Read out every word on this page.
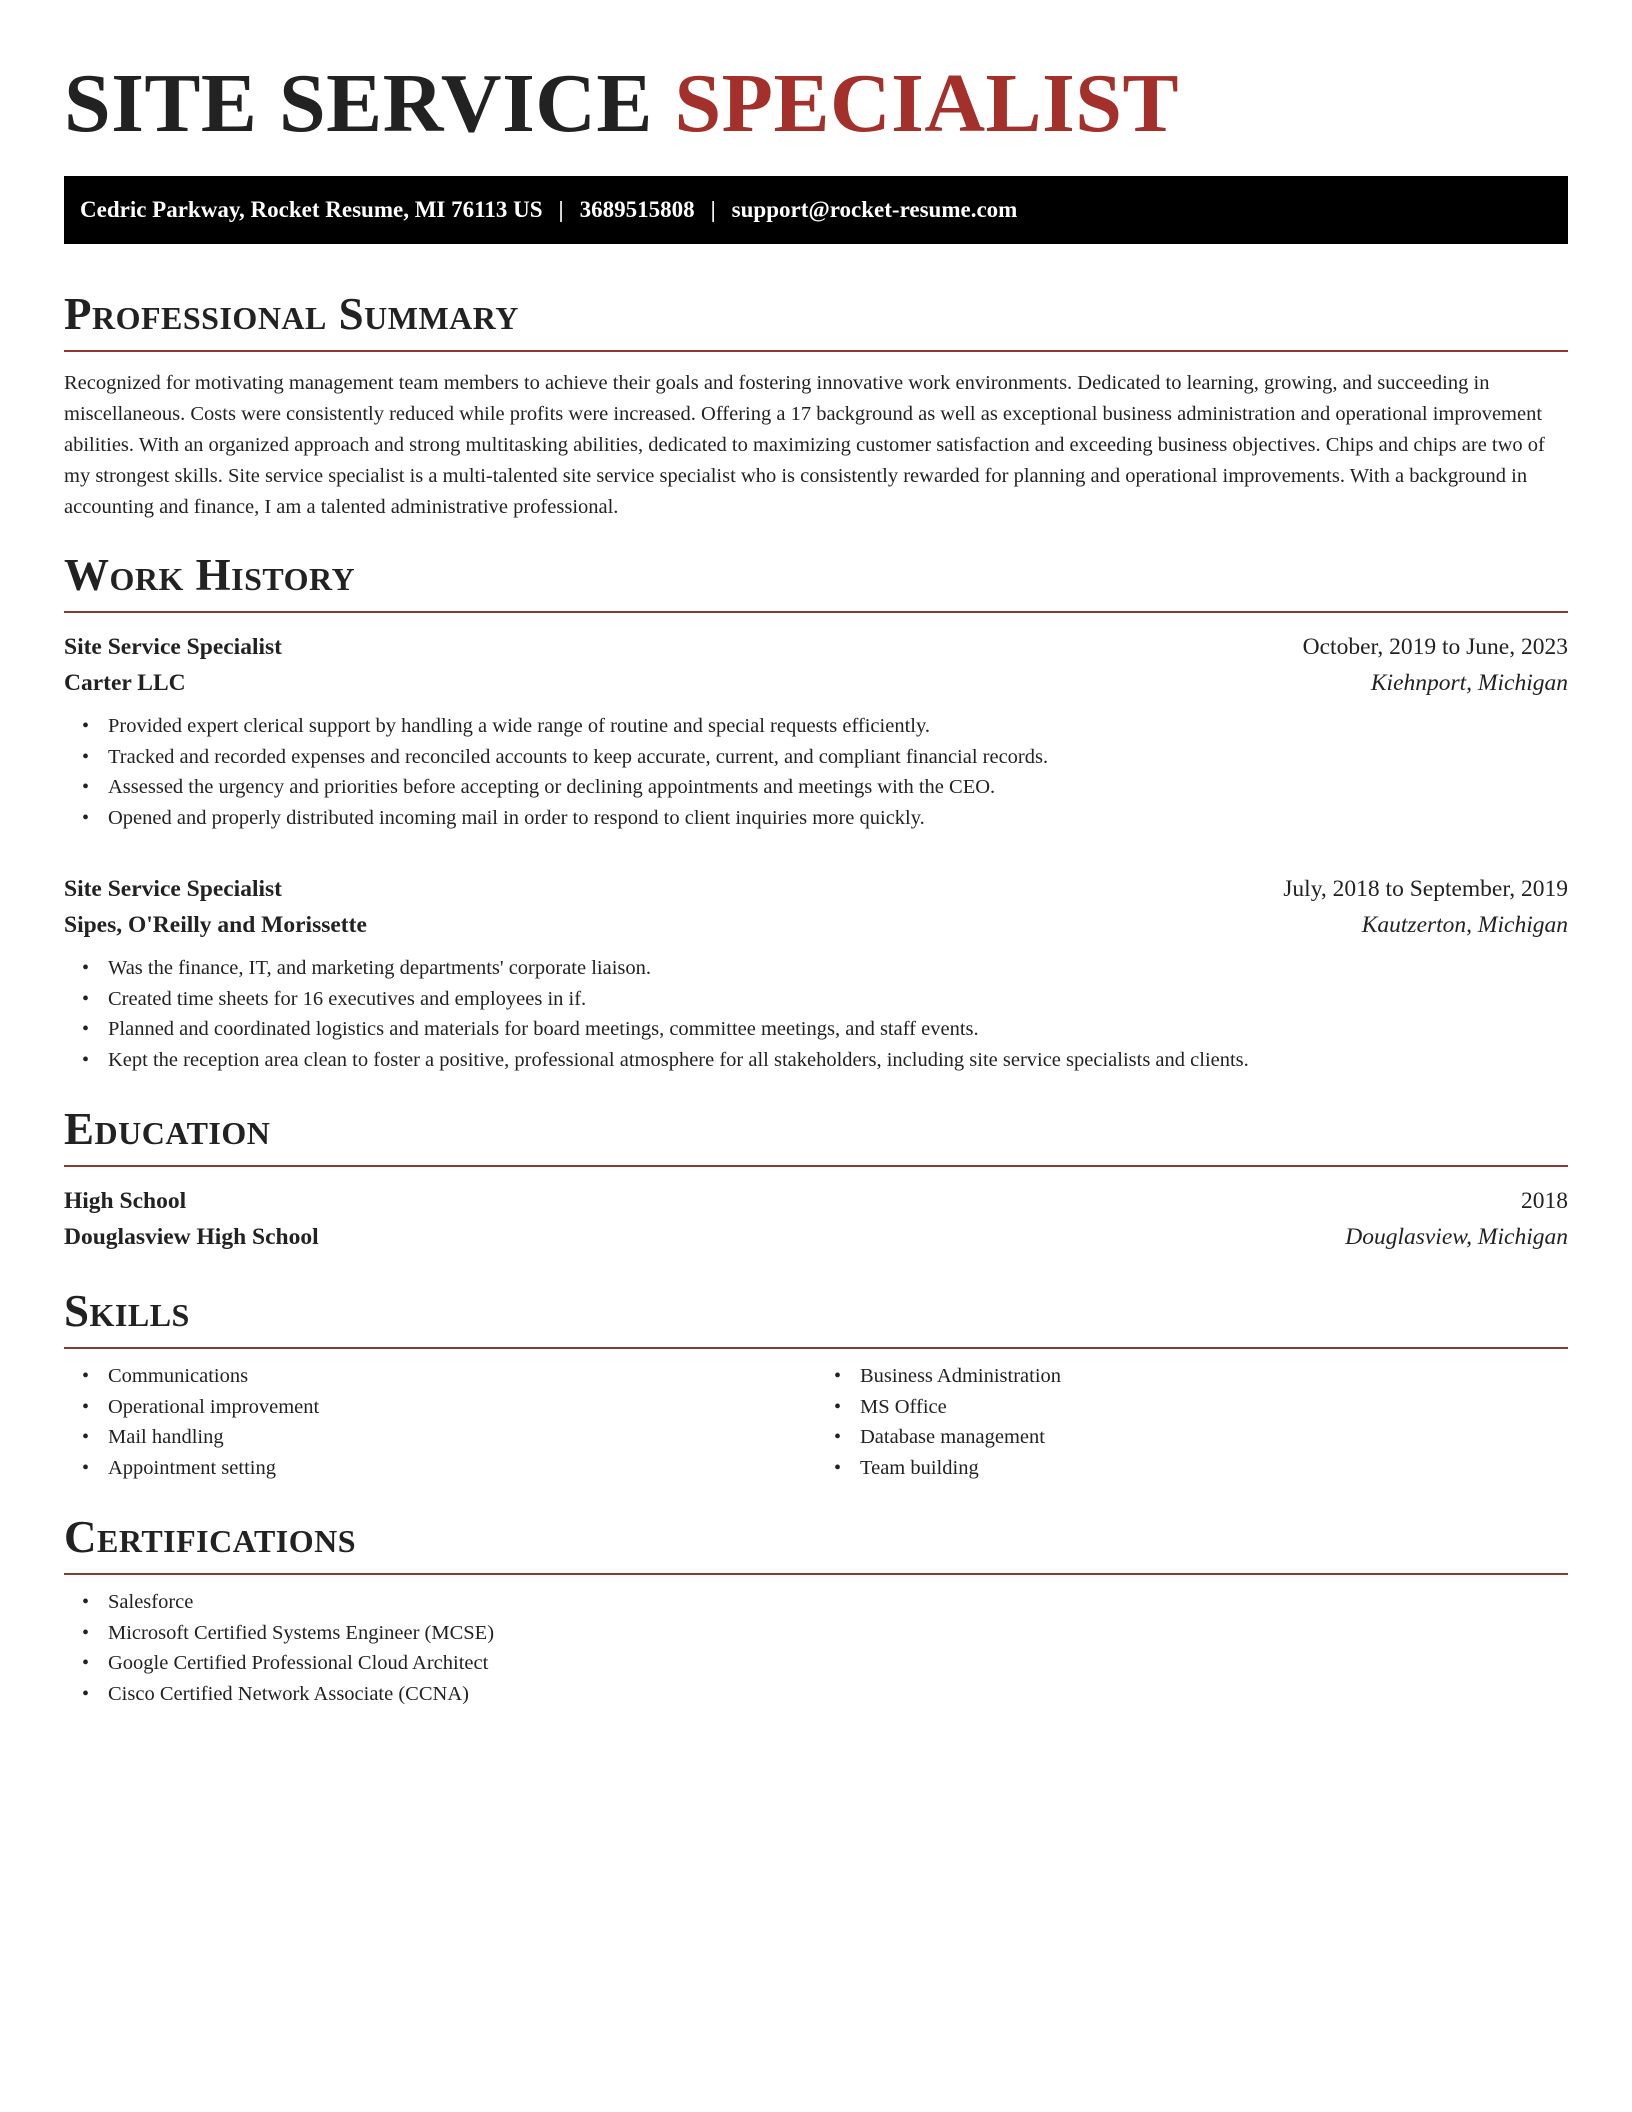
SITE SERVICE SPECIALIST
Cedric Parkway, Rocket Resume, MI 76113 US | 3689515808 | support@rocket-resume.com
Professional Summary

Recognized for motivating management team members to achieve their goals and fostering innovative work environments. Dedicated to learning, growing, and succeeding in miscellaneous. Costs were consistently reduced while profits were increased. Offering a 17 background as well as exceptional business administration and operational improvement abilities. With an organized approach and strong multitasking abilities, dedicated to maximizing customer satisfaction and exceeding business objectives. Chips and chips are two of my strongest skills. Site service specialist is a multi-talented site service specialist who is consistently rewarded for planning and operational improvements. With a background in accounting and finance, I am a talented administrative professional.

Work History
Site Service Specialist	October, 2019 to June, 2023
Carter LLC	Kiehnport, Michigan
• Provided expert clerical support by handling a wide range of routine and special requests efficiently.
• Tracked and recorded expenses and reconciled accounts to keep accurate, current, and compliant financial records.
• Assessed the urgency and priorities before accepting or declining appointments and meetings with the CEO.
• Opened and properly distributed incoming mail in order to respond to client inquiries more quickly.
Site Service Specialist	July, 2018 to September, 2019
Sipes, O'Reilly and Morissette	Kautzerton, Michigan
• Was the finance, IT, and marketing departments' corporate liaison.
• Created time sheets for 16 executives and employees in if.
• Planned and coordinated logistics and materials for board meetings, committee meetings, and staff events.
• Kept the reception area clean to foster a positive, professional atmosphere for all stakeholders, including site service specialists and clients.
Education
High School	2018
Douglasview High School	Douglasview, Michigan
Skills
• Communications
• Operational improvement
• Mail handling
• Appointment setting
• Business Administration
• MS Office
• Database management
• Team building
Certifications
• Salesforce
• Microsoft Certified Systems Engineer (MCSE)
• Google Certified Professional Cloud Architect
• Cisco Certified Network Associate (CCNA)
